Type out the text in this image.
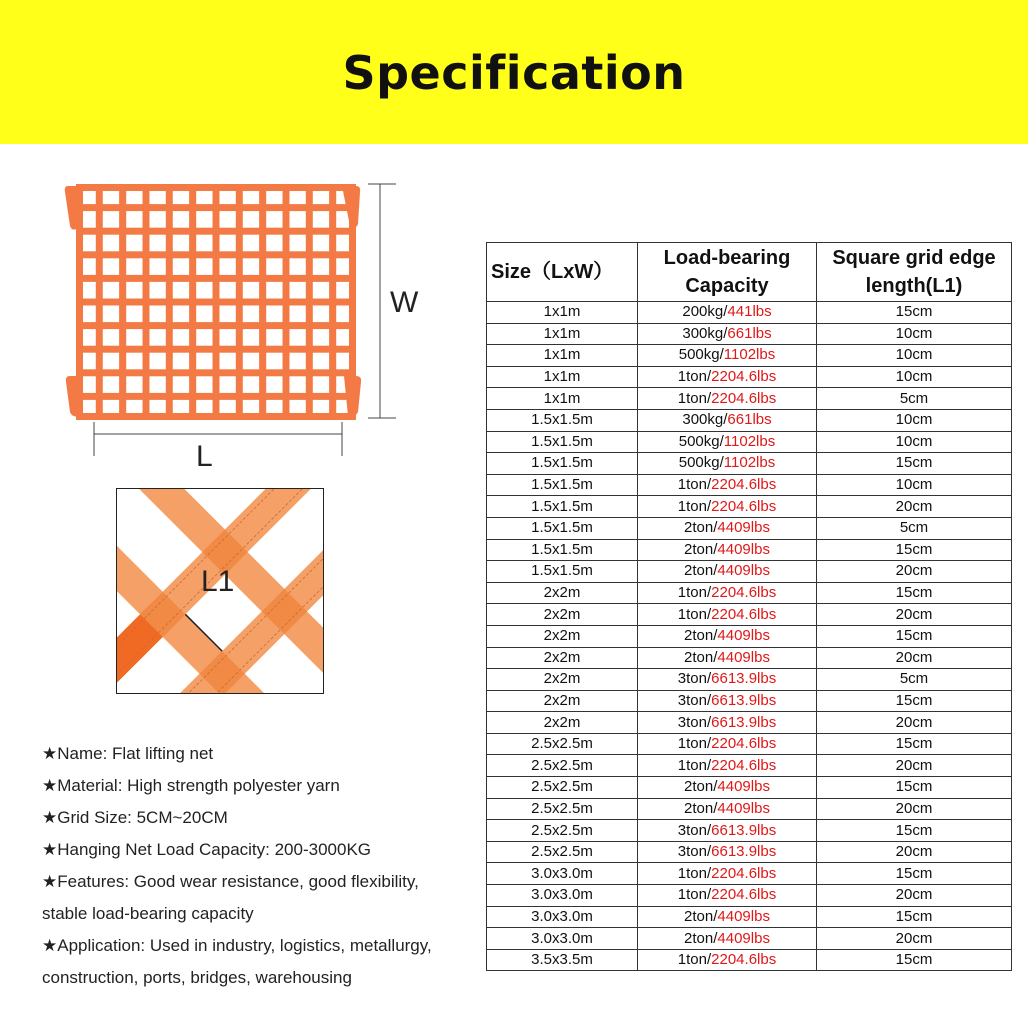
Specification
W
L
L1
★Name: Flat lifting net
★Material: High strength polyester yarn
★Grid Size: 5CM~20CM
★Hanging Net Load Capacity: 200-3000KG
★Features: Good wear resistance, good flexibility,
stable load-bearing capacity
★Application: Used in industry, logistics, metallurgy,
construction, ports, bridges, warehousing
Size（LxW）	Load-bearing Capacity	Square grid edge length(L1)
1x1m	200kg/441lbs	15cm
1x1m	300kg/661lbs	10cm
1x1m	500kg/1102lbs	10cm
1x1m	1ton/2204.6lbs	10cm
1x1m	1ton/2204.6lbs	5cm
1.5x1.5m	300kg/661lbs	10cm
1.5x1.5m	500kg/1102lbs	10cm
1.5x1.5m	500kg/1102lbs	15cm
1.5x1.5m	1ton/2204.6lbs	10cm
1.5x1.5m	1ton/2204.6lbs	20cm
1.5x1.5m	2ton/4409lbs	5cm
1.5x1.5m	2ton/4409lbs	15cm
1.5x1.5m	2ton/4409lbs	20cm
2x2m	1ton/2204.6lbs	15cm
2x2m	1ton/2204.6lbs	20cm
2x2m	2ton/4409lbs	15cm
2x2m	2ton/4409lbs	20cm
2x2m	3ton/6613.9lbs	5cm
2x2m	3ton/6613.9lbs	15cm
2x2m	3ton/6613.9lbs	20cm
2.5x2.5m	1ton/2204.6lbs	15cm
2.5x2.5m	1ton/2204.6lbs	20cm
2.5x2.5m	2ton/4409lbs	15cm
2.5x2.5m	2ton/4409lbs	20cm
2.5x2.5m	3ton/6613.9lbs	15cm
2.5x2.5m	3ton/6613.9lbs	20cm
3.0x3.0m	1ton/2204.6lbs	15cm
3.0x3.0m	1ton/2204.6lbs	20cm
3.0x3.0m	2ton/4409lbs	15cm
3.0x3.0m	2ton/4409lbs	20cm
3.5x3.5m	1ton/2204.6lbs	15cm
